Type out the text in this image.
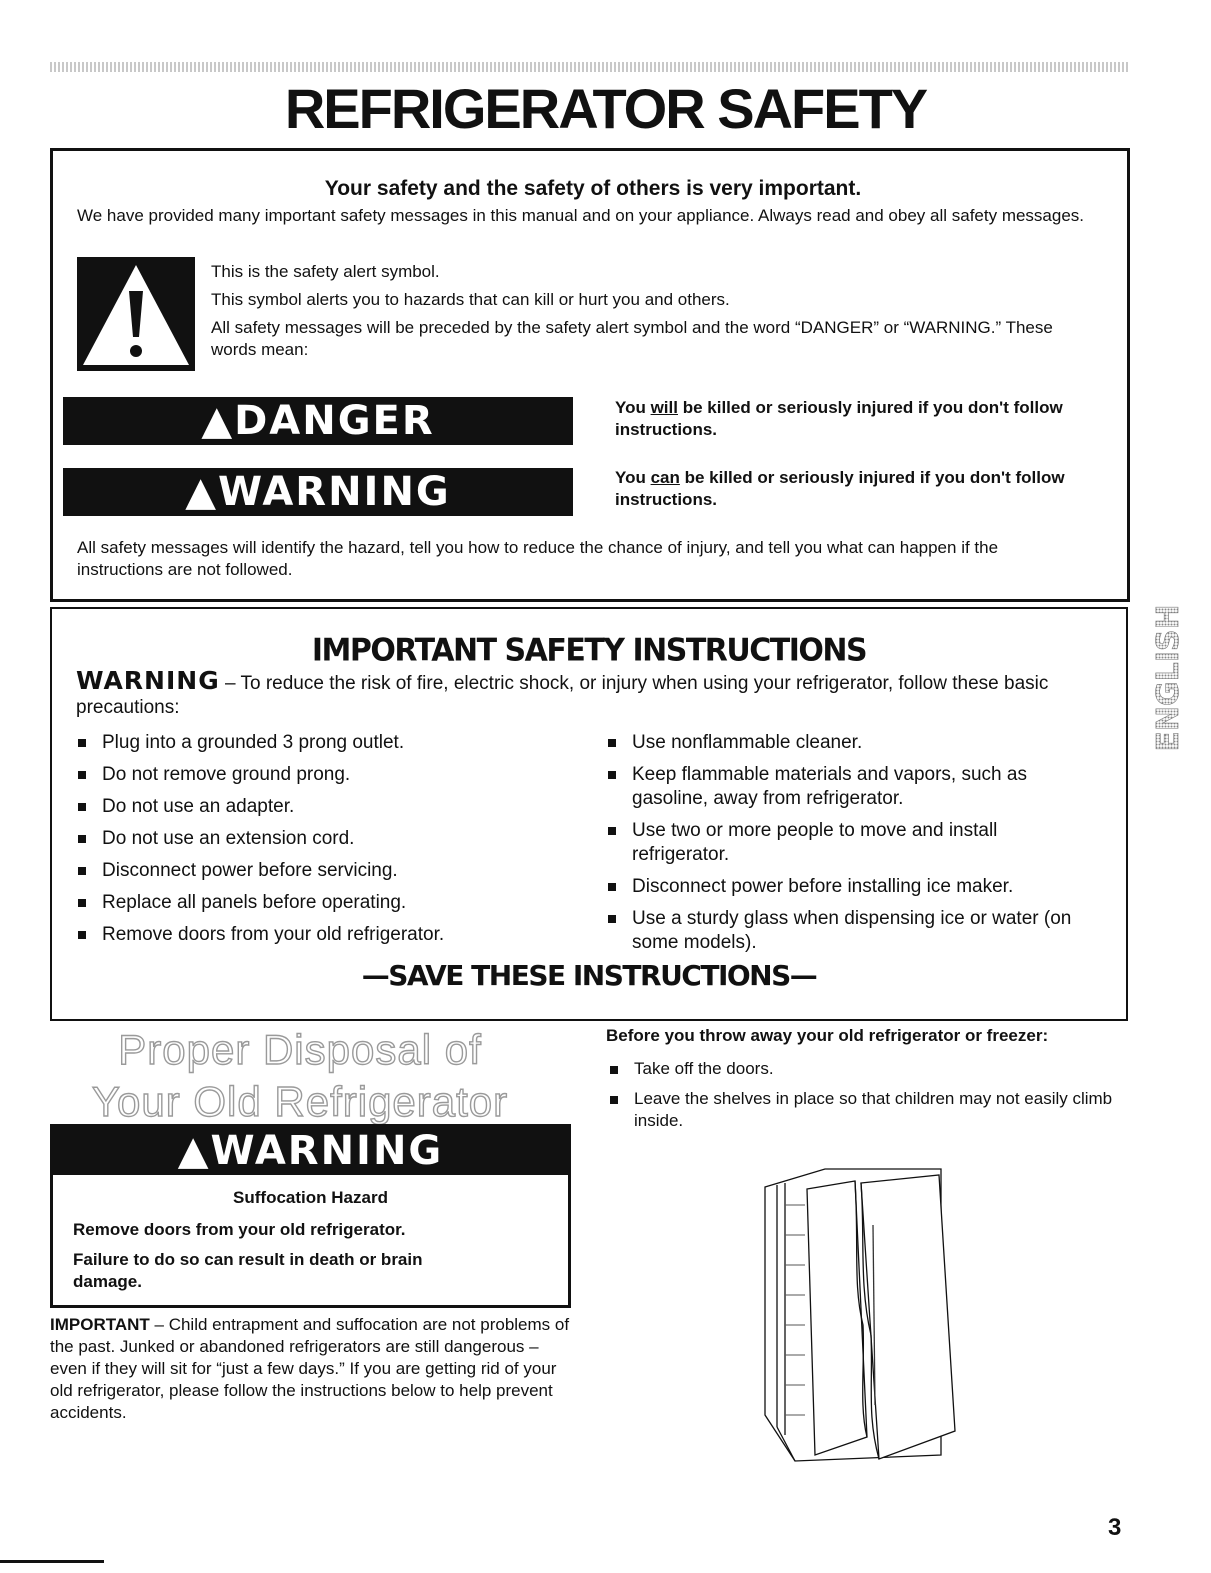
REFRIGERATOR SAFETY
Your safety and the safety of others is very important.
We have provided many important safety messages in this manual and on your appliance. Always read and obey all safety messages.
This is the safety alert symbol.
This symbol alerts you to hazards that can kill or hurt you and others.
All safety messages will be preceded by the safety alert symbol and the word “DANGER” or “WARNING.” These words mean:
▲DANGER	You will be killed or seriously injured if you don't follow instructions.
▲WARNING	You can be killed or seriously injured if you don't follow instructions.
All safety messages will identify the hazard, tell you how to reduce the chance of injury, and tell you what can happen if the instructions are not followed.
IMPORTANT SAFETY INSTRUCTIONS
WARNING – To reduce the risk of fire, electric shock, or injury when using your refrigerator, follow these basic precautions:
Plug into a grounded 3 prong outlet.
Do not remove ground prong.
Do not use an adapter.
Do not use an extension cord.
Disconnect power before servicing.
Replace all panels before operating.
Remove doors from your old refrigerator.
Use nonflammable cleaner.
Keep flammable materials and vapors, such as gasoline, away from refrigerator.
Use two or more people to move and install refrigerator.
Disconnect power before installing ice maker.
Use a sturdy glass when dispensing ice or water (on some models).
—SAVE THESE INSTRUCTIONS—
Proper Disposal of
Your Old Refrigerator
▲WARNING
Suffocation Hazard
Remove doors from your old refrigerator.
Failure to do so can result in death or brain damage.
IMPORTANT – Child entrapment and suffocation are not problems of the past. Junked or abandoned refrigerators are still dangerous – even if they will sit for “just a few days.” If you are getting rid of your old refrigerator, please follow the instructions below to help prevent accidents.
Before you throw away your old refrigerator or freezer:
Take off the doors.
Leave the shelves in place so that children may not easily climb inside.
ENGLISH
3
